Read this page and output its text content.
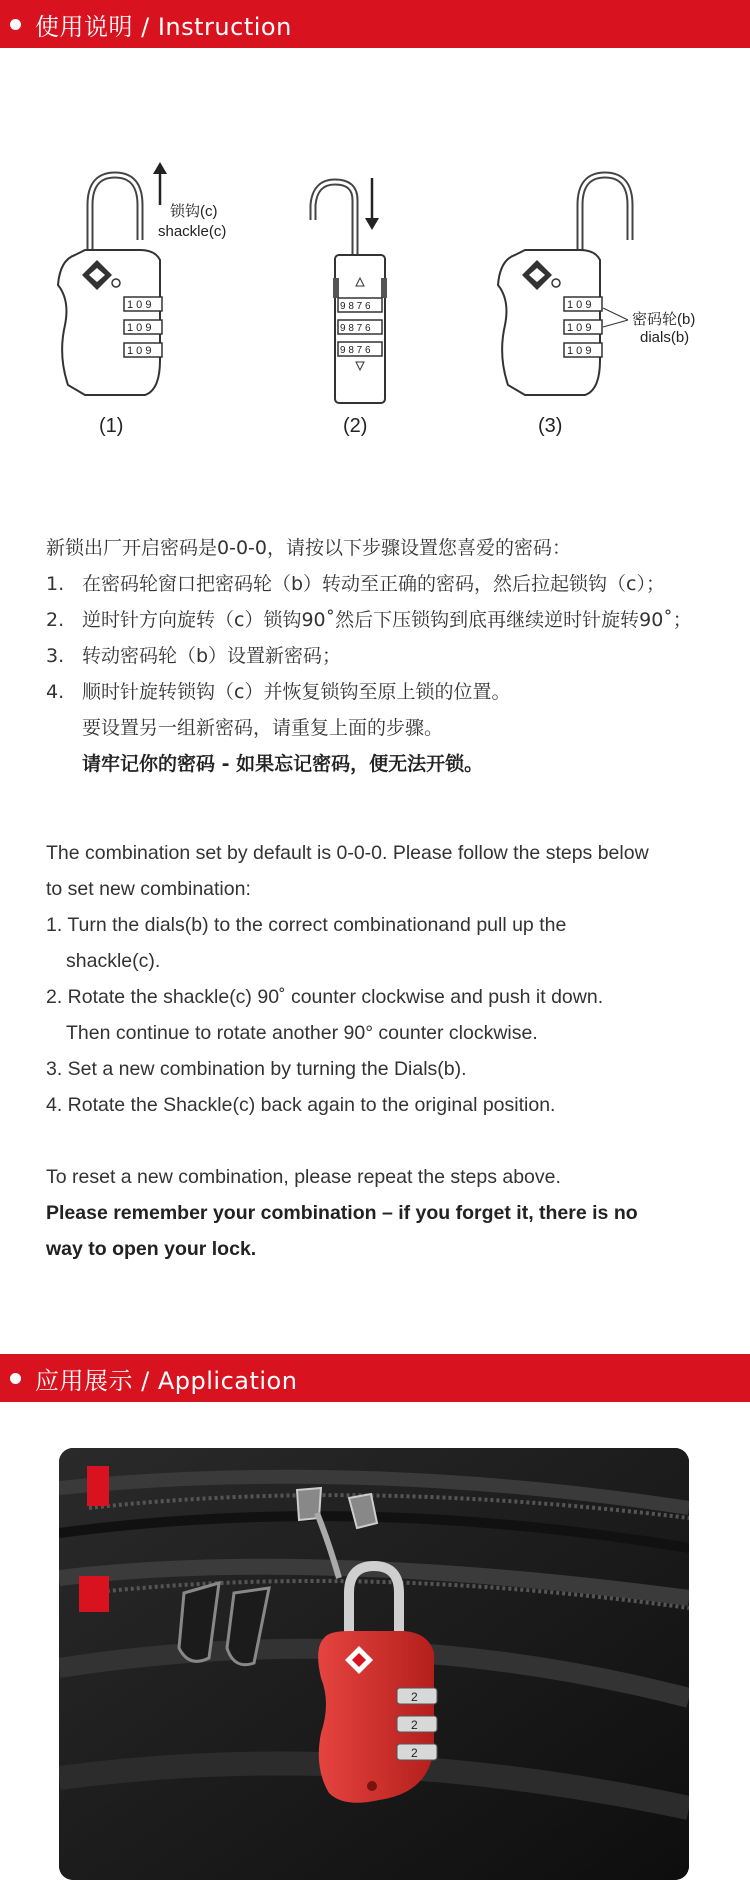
使用说明 / Instruction
1 0 9
1 0 9
1 0 9
锁钩(c)
shackle(c)
(1)
9 8 7 6
9 8 7 6
9 8 7 6
(2)
1 0 9
1 0 9
1 0 9
密码轮(b)
dials(b)
(3)

新锁出厂开启密码是0-0-0，请按以下步骤设置您喜爱的密码：

1. 在密码轮窗口把密码轮（b）转动至正确的密码，然后拉起锁钩（c）；

2. 逆时针方向旋转（c）锁钩90˚然后下压锁钩到底再继续逆时针旋转90˚；

3. 转动密码轮（b）设置新密码；

4. 顺时针旋转锁钩（c）并恢复锁钩至原上锁的位置。

要设置另一组新密码，请重复上面的步骤。

请牢记你的密码 - 如果忘记密码，便无法开锁。

The combination set by default is 0-0-0. Please follow the steps below

to set new combination:

1. Turn the dials(b) to the correct combinationand pull up the

shackle(c).

2. Rotate the shackle(c) 90˚ counter clockwise and push it down.

Then continue to rotate another 90° counter clockwise.

3. Set a new combination by turning the Dials(b).

4. Rotate the Shackle(c) back again to the original position.

To reset a new combination, please repeat the steps above.

Please remember your combination – if you forget it, there is no

way to open your lock.

应用展示 / Application
2
2
2
